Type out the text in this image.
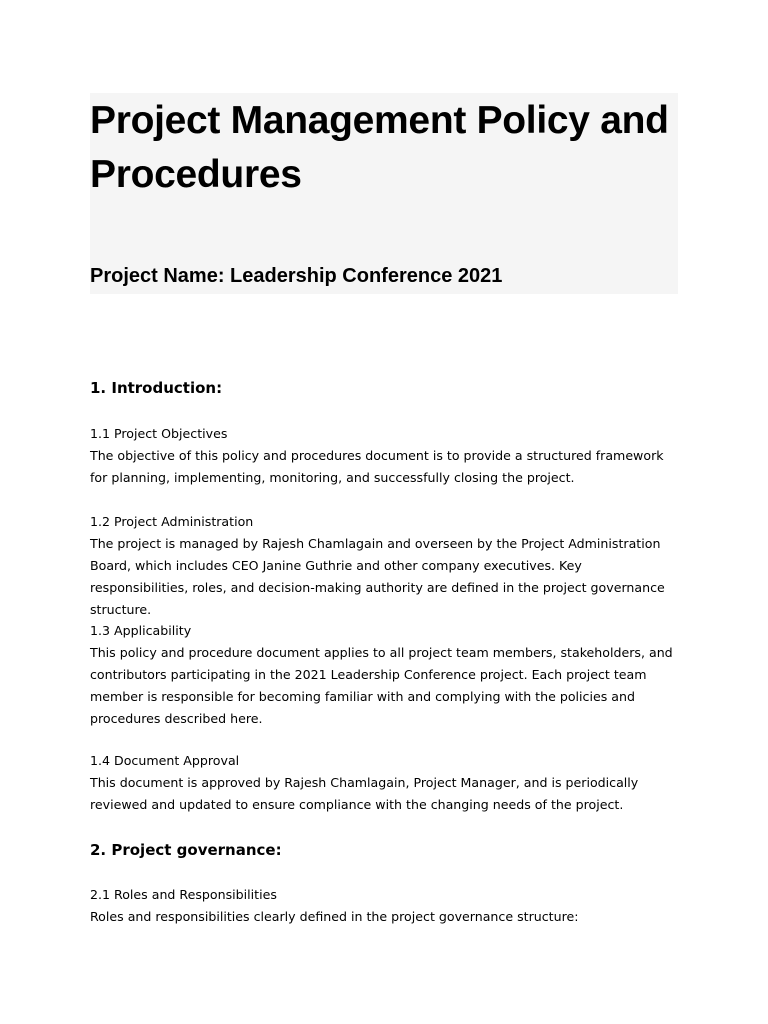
Project Management Policy and Procedures
Project Name: Leadership Conference 2021
1. Introduction:

1.1 Project Objectives

The objective of this policy and procedures document is to provide a structured framework for planning, implementing, monitoring, and successfully closing the project.

1.2 Project Administration

The project is managed by Rajesh Chamlagain and overseen by the Project Administration Board, which includes CEO Janine Guthrie and other company executives. Key responsibilities, roles, and decision-making authority are defined in the project governance structure.

1.3 Applicability

This policy and procedure document applies to all project team members, stakeholders, and contributors participating in the 2021 Leadership Conference project. Each project team member is responsible for becoming familiar with and complying with the policies and procedures described here.

1.4 Document Approval

This document is approved by Rajesh Chamlagain, Project Manager, and is periodically reviewed and updated to ensure compliance with the changing needs of the project.

2. Project governance:

2.1 Roles and Responsibilities

Roles and responsibilities clearly defined in the project governance structure:
